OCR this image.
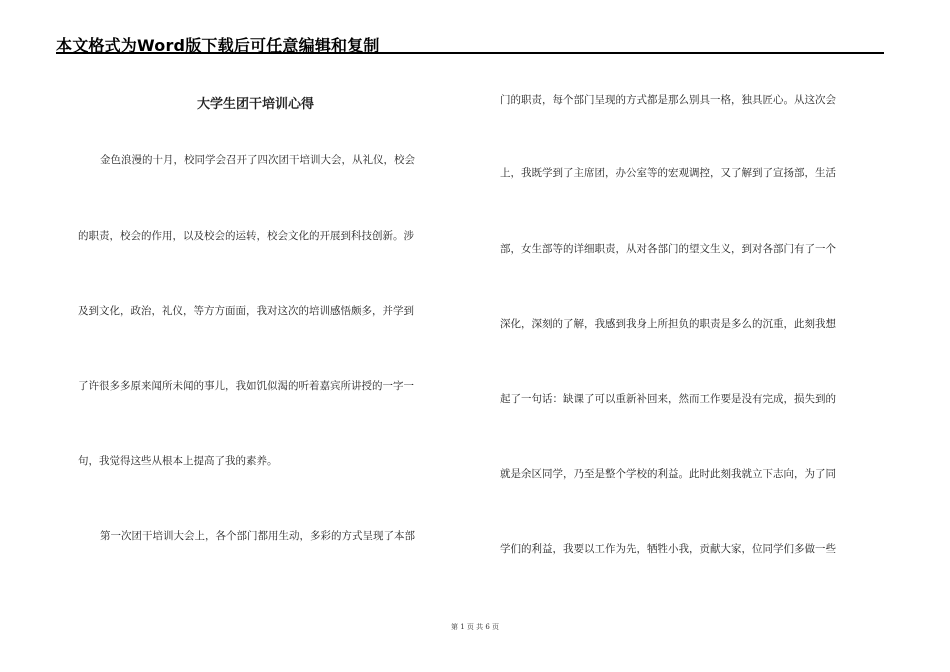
本文格式为Word版下载后可任意编辑和复制
大学生团干培训心得
金色浪漫的十月，校同学会召开了四次团干培训大会，从礼仪，校会
的职责，校会的作用，以及校会的运转，校会文化的开展到科技创新。涉
及到文化，政治，礼仪，等方方面面，我对这次的培训感悟颇多，并学到
了许很多多原来闻所未闻的事儿，我如饥似渴的听着嘉宾所讲授的一字一
句，我觉得这些从根本上提高了我的素养。
第一次团干培训大会上，各个部门都用生动，多彩的方式呈现了本部
门的职责，每个部门呈现的方式都是那么别具一格，独具匠心。从这次会
上，我既学到了主席团，办公室等的宏观调控，又了解到了宣扬部，生活
部，女生部等的详细职责，从对各部门的望文生义，到对各部门有了一个
深化，深刻的了解，我感到我身上所担负的职责是多么的沉重，此刻我想
起了一句话：缺课了可以重新补回来，然而工作要是没有完成，损失到的
就是余区同学，乃至是整个学校的利益。此时此刻我就立下志向，为了同
学们的利益，我要以工作为先，牺牲小我，贡献大家，位同学们多做一些
第 1 页 共 6 页
